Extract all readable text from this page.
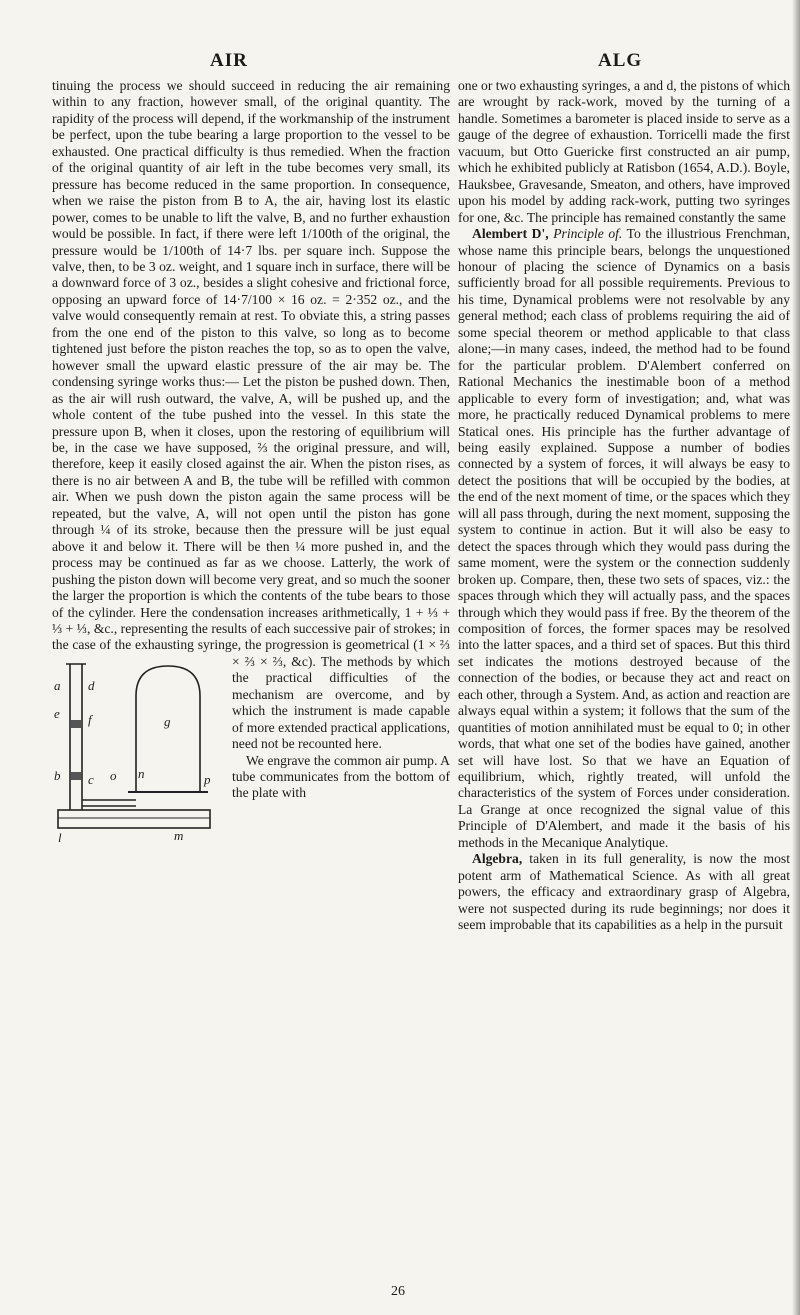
AIR	ALG

tinuing the process we should succeed in reducing the air remaining within to any fraction, however small, of the original quantity. The rapidity of the process will depend, if the workmanship of the instrument be perfect, upon the tube bearing a large proportion to the vessel to be exhausted. One practical difficulty is thus remedied. When the fraction of the original quantity of air left in the tube becomes very small, its pressure has become reduced in the same proportion. In consequence, when we raise the piston from B to A, the air, having lost its elastic power, comes to be unable to lift the valve, B, and no further exhaustion would be possible. In fact, if there were left 1/100th of the original, the pressure would be 1/100th of 14·7 lbs. per square inch. Suppose the valve, then, to be 3 oz. weight, and 1 square inch in surface, there will be a downward force of 3 oz., besides a slight cohesive and frictional force, opposing an upward force of 14·7/100 × 16 oz. = 2·352 oz., and the valve would consequently remain at rest. To obviate this, a string passes from the one end of the piston to this valve, so long as to become tightened just before the piston reaches the top, so as to open the valve, however small the upward elastic pressure of the air may be. The condensing syringe works thus:— Let the piston be pushed down. Then, as the air will rush outward, the valve, A, will be pushed up, and the whole content of the tube pushed into the vessel. In this state the pressure upon B, when it closes, upon the restoring of equilibrium will be, in the case we have supposed, ⅔ the original pressure, and will, therefore, keep it easily closed against the air. When the piston rises, as there is no air between A and B, the tube will be refilled with common air. When we push down the piston again the same process will be repeated, but the valve, A, will not open until the piston has gone through ¼ of its stroke, because then the pressure will be just equal above it and below it. There will be then ¼ more pushed in, and the process may be continued as far as we choose. Latterly, the work of pushing the piston down will become very great, and so much the sooner the larger the proportion is which the contents of the tube bears to those of the cylinder. Here the condensation increases arithmetically, 1 + ⅓ + ⅓ + ⅓, &c., representing the results of each successive pair of strokes; in the case of the exhausting syringe, the progression is geometrical (1 × ⅔ × ⅔ × ⅔, &c).
a d
e f	g
b c o n	p
l	m
The methods by which the practical difficulties of the mechanism are overcome, and by which the instrument is made capable of more extended practical applications, need not be recounted here.

We engrave the common air pump. A tube communicates from the bottom of the plate with

one or two exhausting syringes, a and d, the pistons of which are wrought by rack-work, moved by the turning of a handle. Sometimes a barometer is placed inside to serve as a gauge of the degree of exhaustion. Torricelli made the first vacuum, but Otto Guericke first constructed an air pump, which he exhibited publicly at Ratisbon (1654, A.D.). Boyle, Hauksbee, Gravesande, Smeaton, and others, have improved upon his model by adding rack-work, putting two syringes for one, &c. The principle has remained constantly the same

Alembert D', Principle of. To the illustrious Frenchman, whose name this principle bears, belongs the unquestioned honour of placing the science of Dynamics on a basis sufficiently broad for all possible requirements. Previous to his time, Dynamical problems were not resolvable by any general method; each class of problems requiring the aid of some special theorem or method applicable to that class alone;—in many cases, indeed, the method had to be found for the particular problem. D'Alembert conferred on Rational Mechanics the inestimable boon of a method applicable to every form of investigation; and, what was more, he practically reduced Dynamical problems to mere Statical ones. His principle has the further advantage of being easily explained. Suppose a number of bodies connected by a system of forces, it will always be easy to detect the positions that will be occupied by the bodies, at the end of the next moment of time, or the spaces which they will all pass through, during the next moment, supposing the system to continue in action. But it will also be easy to detect the spaces through which they would pass during the same moment, were the system or the connection suddenly broken up. Compare, then, these two sets of spaces, viz.: the spaces through which they will actually pass, and the spaces through which they would pass if free. By the theorem of the composition of forces, the former spaces may be resolved into the latter spaces, and a third set of spaces. But this third set indicates the motions destroyed because of the connection of the bodies, or because they act and react on each other, through a System. And, as action and reaction are always equal within a system; it follows that the sum of the quantities of motion annihilated must be equal to 0; in other words, that what one set of the bodies have gained, another set will have lost. So that we have an Equation of equilibrium, which, rightly treated, will unfold the characteristics of the system of Forces under consideration. La Grange at once recognized the signal value of this Principle of D'Alembert, and made it the basis of his methods in the Mecanique Analytique.

Algebra, taken in its full generality, is now the most potent arm of Mathematical Science. As with all great powers, the efficacy and extraordinary grasp of Algebra, were not suspected during its rude beginnings; nor does it seem improbable that its capabilities as a help in the pursuit

26
